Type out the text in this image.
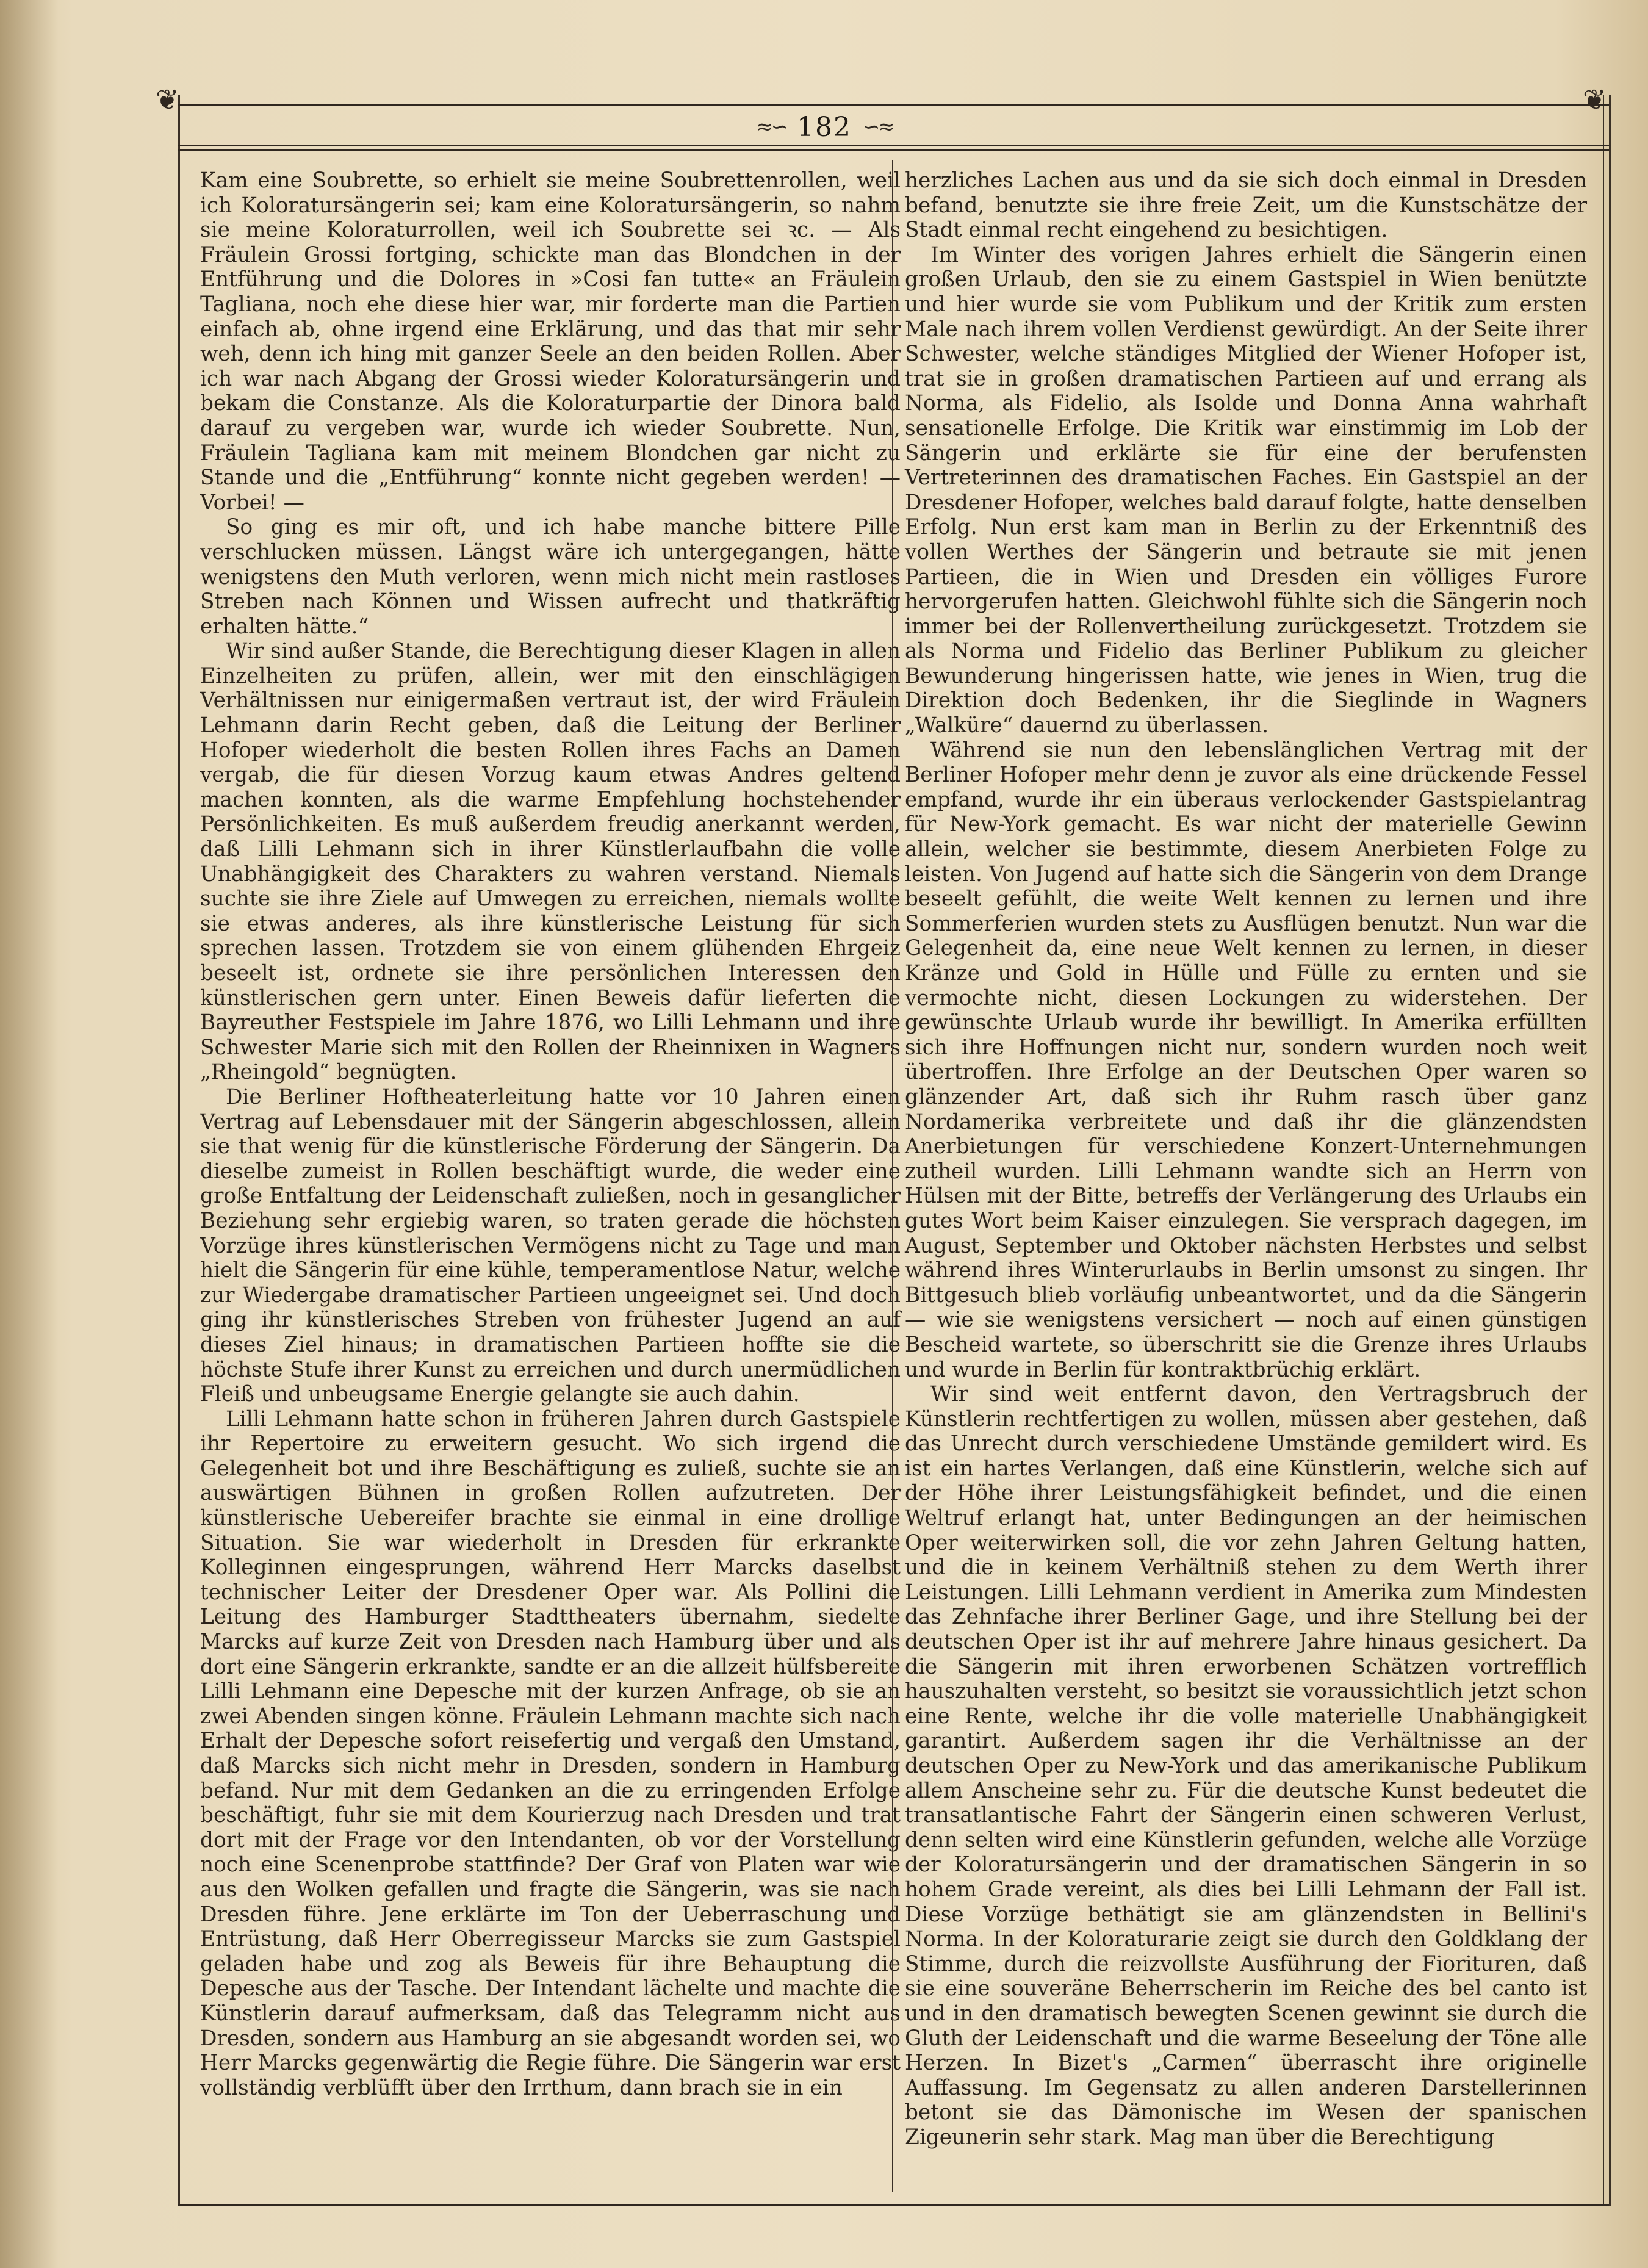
❦	❦
≈∽ 182 ∽≈

Kam eine Soubrette, so erhielt sie meine Soubrettenrollen, weil ich Koloratursängerin sei; kam eine Koloratursängerin, so nahm sie meine Koloraturrollen, weil ich Soubrette sei ꝛc. — Als Fräulein Grossi fortging, schickte man das Blondchen in der Entführung und die Dolores in »Cosi fan tutte« an Fräulein Tagliana, noch ehe diese hier war, mir forderte man die Partien einfach ab, ohne irgend eine Erklärung, und das that mir sehr weh, denn ich hing mit ganzer Seele an den beiden Rollen. Aber ich war nach Abgang der Grossi wieder Koloratursängerin und bekam die Constanze. Als die Koloraturpartie der Dinora bald darauf zu vergeben war, wurde ich wieder Soubrette. Nun, Fräulein Tagliana kam mit meinem Blondchen gar nicht zu Stande und die „Entführung“ konnte nicht gegeben werden! — Vorbei! —

So ging es mir oft, und ich habe manche bittere Pille verschlucken müssen. Längst wäre ich untergegangen, hätte wenigstens den Muth verloren, wenn mich nicht mein rastloses Streben nach Können und Wissen aufrecht und thatkräftig erhalten hätte.“

Wir sind außer Stande, die Berechtigung dieser Klagen in allen Einzelheiten zu prüfen, allein, wer mit den einschlägigen Verhältnissen nur einigermaßen vertraut ist, der wird Fräulein Lehmann darin Recht geben, daß die Leitung der Berliner Hofoper wiederholt die besten Rollen ihres Fachs an Damen vergab, die für diesen Vorzug kaum etwas Andres geltend machen konnten, als die warme Empfehlung hochstehender Persönlichkeiten. Es muß außerdem freudig anerkannt werden, daß Lilli Lehmann sich in ihrer Künstlerlaufbahn die volle Unabhängigkeit des Charakters zu wahren verstand. Niemals suchte sie ihre Ziele auf Umwegen zu erreichen, niemals wollte sie etwas anderes, als ihre künstlerische Leistung für sich sprechen lassen. Trotzdem sie von einem glühenden Ehrgeiz beseelt ist, ordnete sie ihre persönlichen Interessen den künstlerischen gern unter. Einen Beweis dafür lieferten die Bayreuther Festspiele im Jahre 1876, wo Lilli Lehmann und ihre Schwester Marie sich mit den Rollen der Rheinnixen in Wagners „Rheingold“ begnügten.

Die Berliner Hoftheaterleitung hatte vor 10 Jahren einen Vertrag auf Lebensdauer mit der Sängerin abgeschlossen, allein sie that wenig für die künstlerische Förderung der Sängerin. Da dieselbe zumeist in Rollen beschäftigt wurde, die weder eine große Entfaltung der Leidenschaft zuließen, noch in gesanglicher Beziehung sehr ergiebig waren, so traten gerade die höchsten Vorzüge ihres künstlerischen Vermögens nicht zu Tage und man hielt die Sängerin für eine kühle, temperamentlose Natur, welche zur Wiedergabe dramatischer Partieen ungeeignet sei. Und doch ging ihr künstlerisches Streben von frühester Jugend an auf dieses Ziel hinaus; in dramatischen Partieen hoffte sie die höchste Stufe ihrer Kunst zu erreichen und durch unermüdlichen Fleiß und unbeugsame Energie gelangte sie auch dahin.

Lilli Lehmann hatte schon in früheren Jahren durch Gastspiele ihr Repertoire zu erweitern gesucht. Wo sich irgend die Gelegenheit bot und ihre Beschäftigung es zuließ, suchte sie an auswärtigen Bühnen in großen Rollen aufzutreten. Der künstlerische Uebereifer brachte sie einmal in eine drollige Situation. Sie war wiederholt in Dresden für erkrankte Kolleginnen eingesprungen, während Herr Marcks daselbst technischer Leiter der Dresdener Oper war. Als Pollini die Leitung des Hamburger Stadttheaters übernahm, siedelte Marcks auf kurze Zeit von Dresden nach Hamburg über und als dort eine Sängerin erkrankte, sandte er an die allzeit hülfsbereite Lilli Lehmann eine Depesche mit der kurzen Anfrage, ob sie an zwei Abenden singen könne. Fräulein Lehmann machte sich nach Erhalt der Depesche sofort reisefertig und vergaß den Umstand, daß Marcks sich nicht mehr in Dresden, sondern in Hamburg befand. Nur mit dem Gedanken an die zu erringenden Erfolge beschäftigt, fuhr sie mit dem Kourierzug nach Dresden und trat dort mit der Frage vor den Intendanten, ob vor der Vorstellung noch eine Scenenprobe stattfinde? Der Graf von Platen war wie aus den Wolken gefallen und fragte die Sängerin, was sie nach Dresden führe. Jene erklärte im Ton der Ueberraschung und Entrüstung, daß Herr Oberregisseur Marcks sie zum Gastspiel geladen habe und zog als Beweis für ihre Behauptung die Depesche aus der Tasche. Der Intendant lächelte und machte die Künstlerin darauf aufmerksam, daß das Telegramm nicht aus Dresden, sondern aus Hamburg an sie abgesandt worden sei, wo Herr Marcks gegenwärtig die Regie führe. Die Sängerin war erst vollständig verblüfft über den Irrthum, dann brach sie in ein

herzliches Lachen aus und da sie sich doch einmal in Dresden befand, benutzte sie ihre freie Zeit, um die Kunstschätze der Stadt einmal recht eingehend zu besichtigen.

Im Winter des vorigen Jahres erhielt die Sängerin einen großen Urlaub, den sie zu einem Gastspiel in Wien benützte und hier wurde sie vom Publikum und der Kritik zum ersten Male nach ihrem vollen Verdienst gewürdigt. An der Seite ihrer Schwester, welche ständiges Mitglied der Wiener Hofoper ist, trat sie in großen dramatischen Partieen auf und errang als Norma, als Fidelio, als Isolde und Donna Anna wahrhaft sensationelle Erfolge. Die Kritik war einstimmig im Lob der Sängerin und erklärte sie für eine der berufensten Vertreterinnen des dramatischen Faches. Ein Gastspiel an der Dresdener Hofoper, welches bald darauf folgte, hatte denselben Erfolg. Nun erst kam man in Berlin zu der Erkenntniß des vollen Werthes der Sängerin und betraute sie mit jenen Partieen, die in Wien und Dresden ein völliges Furore hervorgerufen hatten. Gleichwohl fühlte sich die Sängerin noch immer bei der Rollenvertheilung zurückgesetzt. Trotzdem sie als Norma und Fidelio das Berliner Publikum zu gleicher Bewunderung hingerissen hatte, wie jenes in Wien, trug die Direktion doch Bedenken, ihr die Sieglinde in Wagners „Walküre“ dauernd zu überlassen.

Während sie nun den lebenslänglichen Vertrag mit der Berliner Hofoper mehr denn je zuvor als eine drückende Fessel empfand, wurde ihr ein überaus verlockender Gastspielantrag für New-York gemacht. Es war nicht der materielle Gewinn allein, welcher sie bestimmte, diesem Anerbieten Folge zu leisten. Von Jugend auf hatte sich die Sängerin von dem Drange beseelt gefühlt, die weite Welt kennen zu lernen und ihre Sommerferien wurden stets zu Ausflügen benutzt. Nun war die Gelegenheit da, eine neue Welt kennen zu lernen, in dieser Kränze und Gold in Hülle und Fülle zu ernten und sie vermochte nicht, diesen Lockungen zu widerstehen. Der gewünschte Urlaub wurde ihr bewilligt. In Amerika erfüllten sich ihre Hoffnungen nicht nur, sondern wurden noch weit übertroffen. Ihre Erfolge an der Deutschen Oper waren so glänzender Art, daß sich ihr Ruhm rasch über ganz Nordamerika verbreitete und daß ihr die glänzendsten Anerbietungen für verschiedene Konzert-Unternehmungen zutheil wurden. Lilli Lehmann wandte sich an Herrn von Hülsen mit der Bitte, betreffs der Verlängerung des Urlaubs ein gutes Wort beim Kaiser einzulegen. Sie versprach dagegen, im August, September und Oktober nächsten Herbstes und selbst während ihres Winterurlaubs in Berlin umsonst zu singen. Ihr Bittgesuch blieb vorläufig unbeantwortet, und da die Sängerin — wie sie wenigstens versichert — noch auf einen günstigen Bescheid wartete, so überschritt sie die Grenze ihres Urlaubs und wurde in Berlin für kontraktbrüchig erklärt.

Wir sind weit entfernt davon, den Vertragsbruch der Künstlerin rechtfertigen zu wollen, müssen aber gestehen, daß das Unrecht durch verschiedene Umstände gemildert wird. Es ist ein hartes Verlangen, daß eine Künstlerin, welche sich auf der Höhe ihrer Leistungsfähigkeit befindet, und die einen Weltruf erlangt hat, unter Bedingungen an der heimischen Oper weiterwirken soll, die vor zehn Jahren Geltung hatten, und die in keinem Verhältniß stehen zu dem Werth ihrer Leistungen. Lilli Lehmann verdient in Amerika zum Mindesten das Zehnfache ihrer Berliner Gage, und ihre Stellung bei der deutschen Oper ist ihr auf mehrere Jahre hinaus gesichert. Da die Sängerin mit ihren erworbenen Schätzen vortrefflich hauszuhalten versteht, so besitzt sie voraussichtlich jetzt schon eine Rente, welche ihr die volle materielle Unabhängigkeit garantirt. Außerdem sagen ihr die Verhältnisse an der deutschen Oper zu New-York und das amerikanische Publikum allem Anscheine sehr zu. Für die deutsche Kunst bedeutet die transatlantische Fahrt der Sängerin einen schweren Verlust, denn selten wird eine Künstlerin gefunden, welche alle Vorzüge der Koloratursängerin und der dramatischen Sängerin in so hohem Grade vereint, als dies bei Lilli Lehmann der Fall ist. Diese Vorzüge bethätigt sie am glänzendsten in Bellini's Norma. In der Koloraturarie zeigt sie durch den Goldklang der Stimme, durch die reizvollste Ausführung der Fiorituren, daß sie eine souveräne Beherrscherin im Reiche des bel canto ist und in den dramatisch bewegten Scenen gewinnt sie durch die Gluth der Leidenschaft und die warme Beseelung der Töne alle Herzen. In Bizet's „Carmen“ überrascht ihre originelle Auffassung. Im Gegensatz zu allen anderen Darstellerinnen betont sie das Dämonische im Wesen der spanischen Zigeunerin sehr stark. Mag man über die Berechtigung
